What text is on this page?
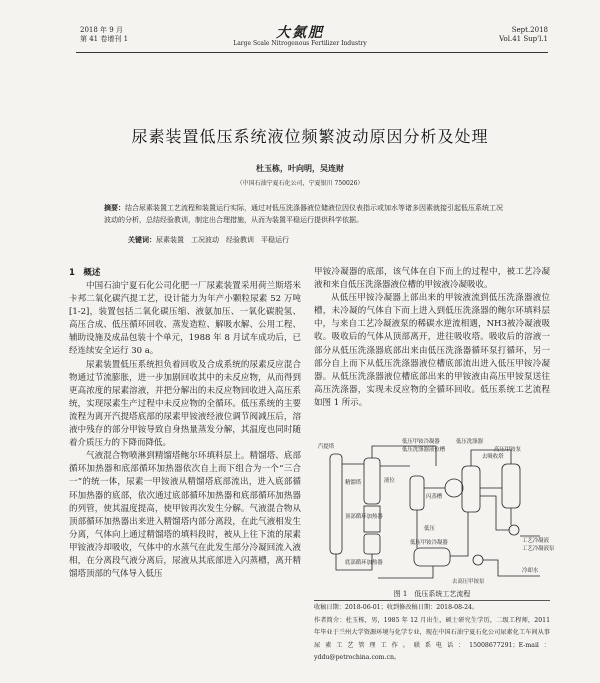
2018 年 9 月
第 41 卷增刊 1	大氮肥
Large Scale Nitrogenous Fertilizer Industry
Sept.2018
Vol.41 Sup'l.1
尿素装置低压系统液位频繁波动原因分析及处理
杜玉栋，叶向明，吴连财
（中国石油宁夏石化公司，宁夏银川 750026）
摘要：结合尿素装置工艺流程和装置运行实际，通过对低压洗涤器液位储液位因仪表指示或加水等诸多因素就接引起低压系统工况波动的分析，总结经验教训，制定出合理措施，从而为装置平稳运行提供科学依据。
关键词：尿素装置　工况波动　经验教训　平稳运行
1　概述

中国石油宁夏石化公司化肥一厂尿素装置采用荷兰斯塔米卡邦二氧化碳汽提工艺，设计能力为年产小颗粒尿素 52 万吨[1-2]，装置包括二氧化碳压缩、液氨加压、一氧化碳脱氢、高压合成、低压循环回收、蒸发造粒、解吸水解、公用工程、辅助设施及成品包装十个单元，1988 年 8 月试车成功后，已经连续安全运行 30 a。

尿素装置低压系统担负着回收及合成系统的尿素反应混合物通过节流膨胀，进一步加剧回收其中的未反应物，从而得到更高浓度的尿素溶液，并把分解出的未反应物回收进入高压系统，实现尿素生产过程中未反应物的全循环。低压系统的主要流程为离开汽提塔底部的尿素甲铵液经液位调节阀减压后，溶液中残存的部分甲铵导致自身热量蒸发分解，其温度也同时随着介质压力的下降而降低。

气液混合物喷淋到精馏塔鲍尔环填料层上。精馏塔、底部循环加热器和底部循环加热器依次自上而下组合为一个“三合一”的统一体，尿素一甲铵液从精馏塔底部流出，进入底部循环加热器的底部，依次通过底部循环加热器和底部循环加热器的列管，使其温度提高，使甲铵再次发生分解。气液混合物从顶部循环加热器出来进入精馏塔内部分离段，在此气液相发生分离，气体向上通过精馏塔的填料段时，被从上往下流的尿素甲铵液冷却吸收，气体中的水蒸气在此发生部分冷凝回流入液相，在分离段气液分离后，尿液从其底部进入闪蒸槽，离开精馏塔顶部的气体导入低压

甲铵冷凝器的底部，该气体在自下而上的过程中，被工艺冷凝液和来自低压洗涤器液位槽的甲铵液冷凝吸收。

从低压甲铵冷凝器上部出来的甲铵液流到低压洗涤器液位槽，未冷凝的气体自下而上进入到低压洗涤器的鲍尔环填料层中，与来自工艺冷凝液泵的稀碳水逆流相遇，NH3被冷凝液吸收。吸收后的气体从顶部离开，进往吸收塔。吸收后的溶液一部分从低压洗涤器底部出来由低压洗涤器循环泵打循环，另一部分自上而下从低压洗涤器液位槽底部流出进入低压甲铵冷凝器。从低压洗涤器液位槽底部出来的甲铵液由高压甲铵泵送往高压洗涤器，实现未反应物的全循环回收。低压系统工艺流程如图 1 所示。

低压甲铵冷凝器	低压洗涤器
低压洗涤器液位槽	高压甲铵泵
液位
汽提塔
精馏塔
顶部循环加热器
底部循环加热器
闪蒸槽
低压
去吸收塔
低压甲铵冷凝器
去高压甲铵泵
工艺冷凝液
工艺冷凝液泵
冷却水
图 1　低压系统工艺流程

收稿日期：2018-06-01；收到修改稿日期：2018-08-24。

作者简介：杜玉栋，男，1985 年 12 月出生，硕士研究生学历，二级工程师，2011 年毕业于兰州大学资源环境与化学专业，现在中国石油宁夏石化公司尿素化工车间从事尿素工艺管理工作。联系电话：15008677291；E-mail：yddu@petrochina.com.cn。
